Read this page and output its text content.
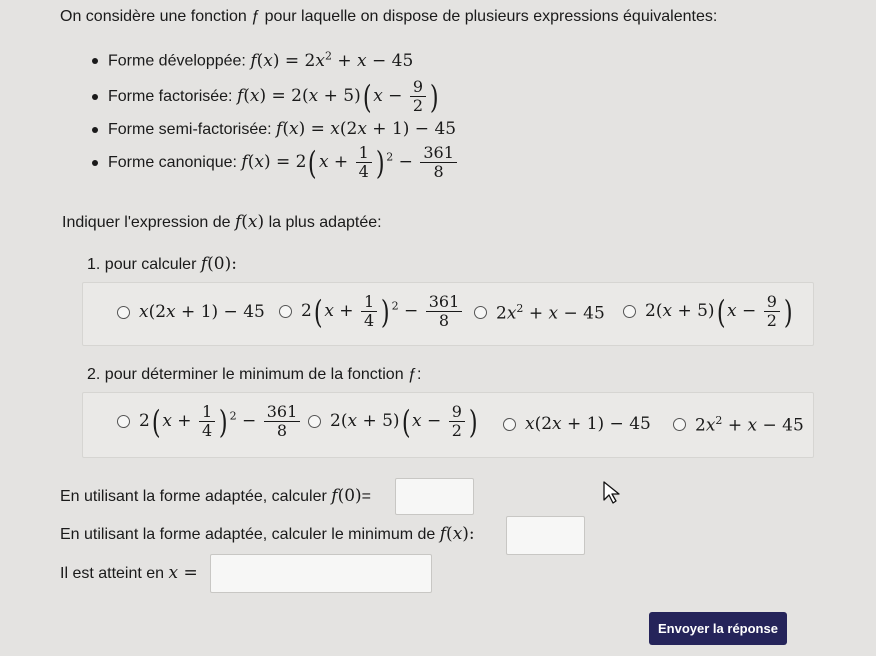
On considère une fonction ƒ pour laquelle on dispose de plusieurs expressions équivalentes:
Forme développée: $f(x) = 2x^2 + x - 45$
Forme factorisée: f(x) = 2(x + 5)( $x - \frac{9}{2}$ )
Forme semi-factorisée: f(x) = x(2x + 1) − 45
Forme canonique: f(x) = 2( $x + \frac{1}{4}$ ) $^2 - \frac{361}{8}$
Indiquer l'expression de f(x) la plus adaptée:
1. pour calculer f(0):
x(2x + 1) − 45 2( $x + \frac{1}{4}$ ) $^2 - \frac{361}{8} 2x^2 + x - 45$ 2(x + 5)( $x - \frac{9}{2}$ )
2. pour déterminer le minimum de la fonction ƒ:
2( $x + \frac{1}{4}$ ) $^2 - \frac{361}{8} 2(x + 5)$( $x - \frac{9}{2}$ )	x(2x + 1) − 45	$2x^2 + x - 45$
En utilisant la forme adaptée, calculer f(0)=
En utilisant la forme adaptée, calculer le minimum de f(x):
Il est atteint en x =
Envoyer la réponse
